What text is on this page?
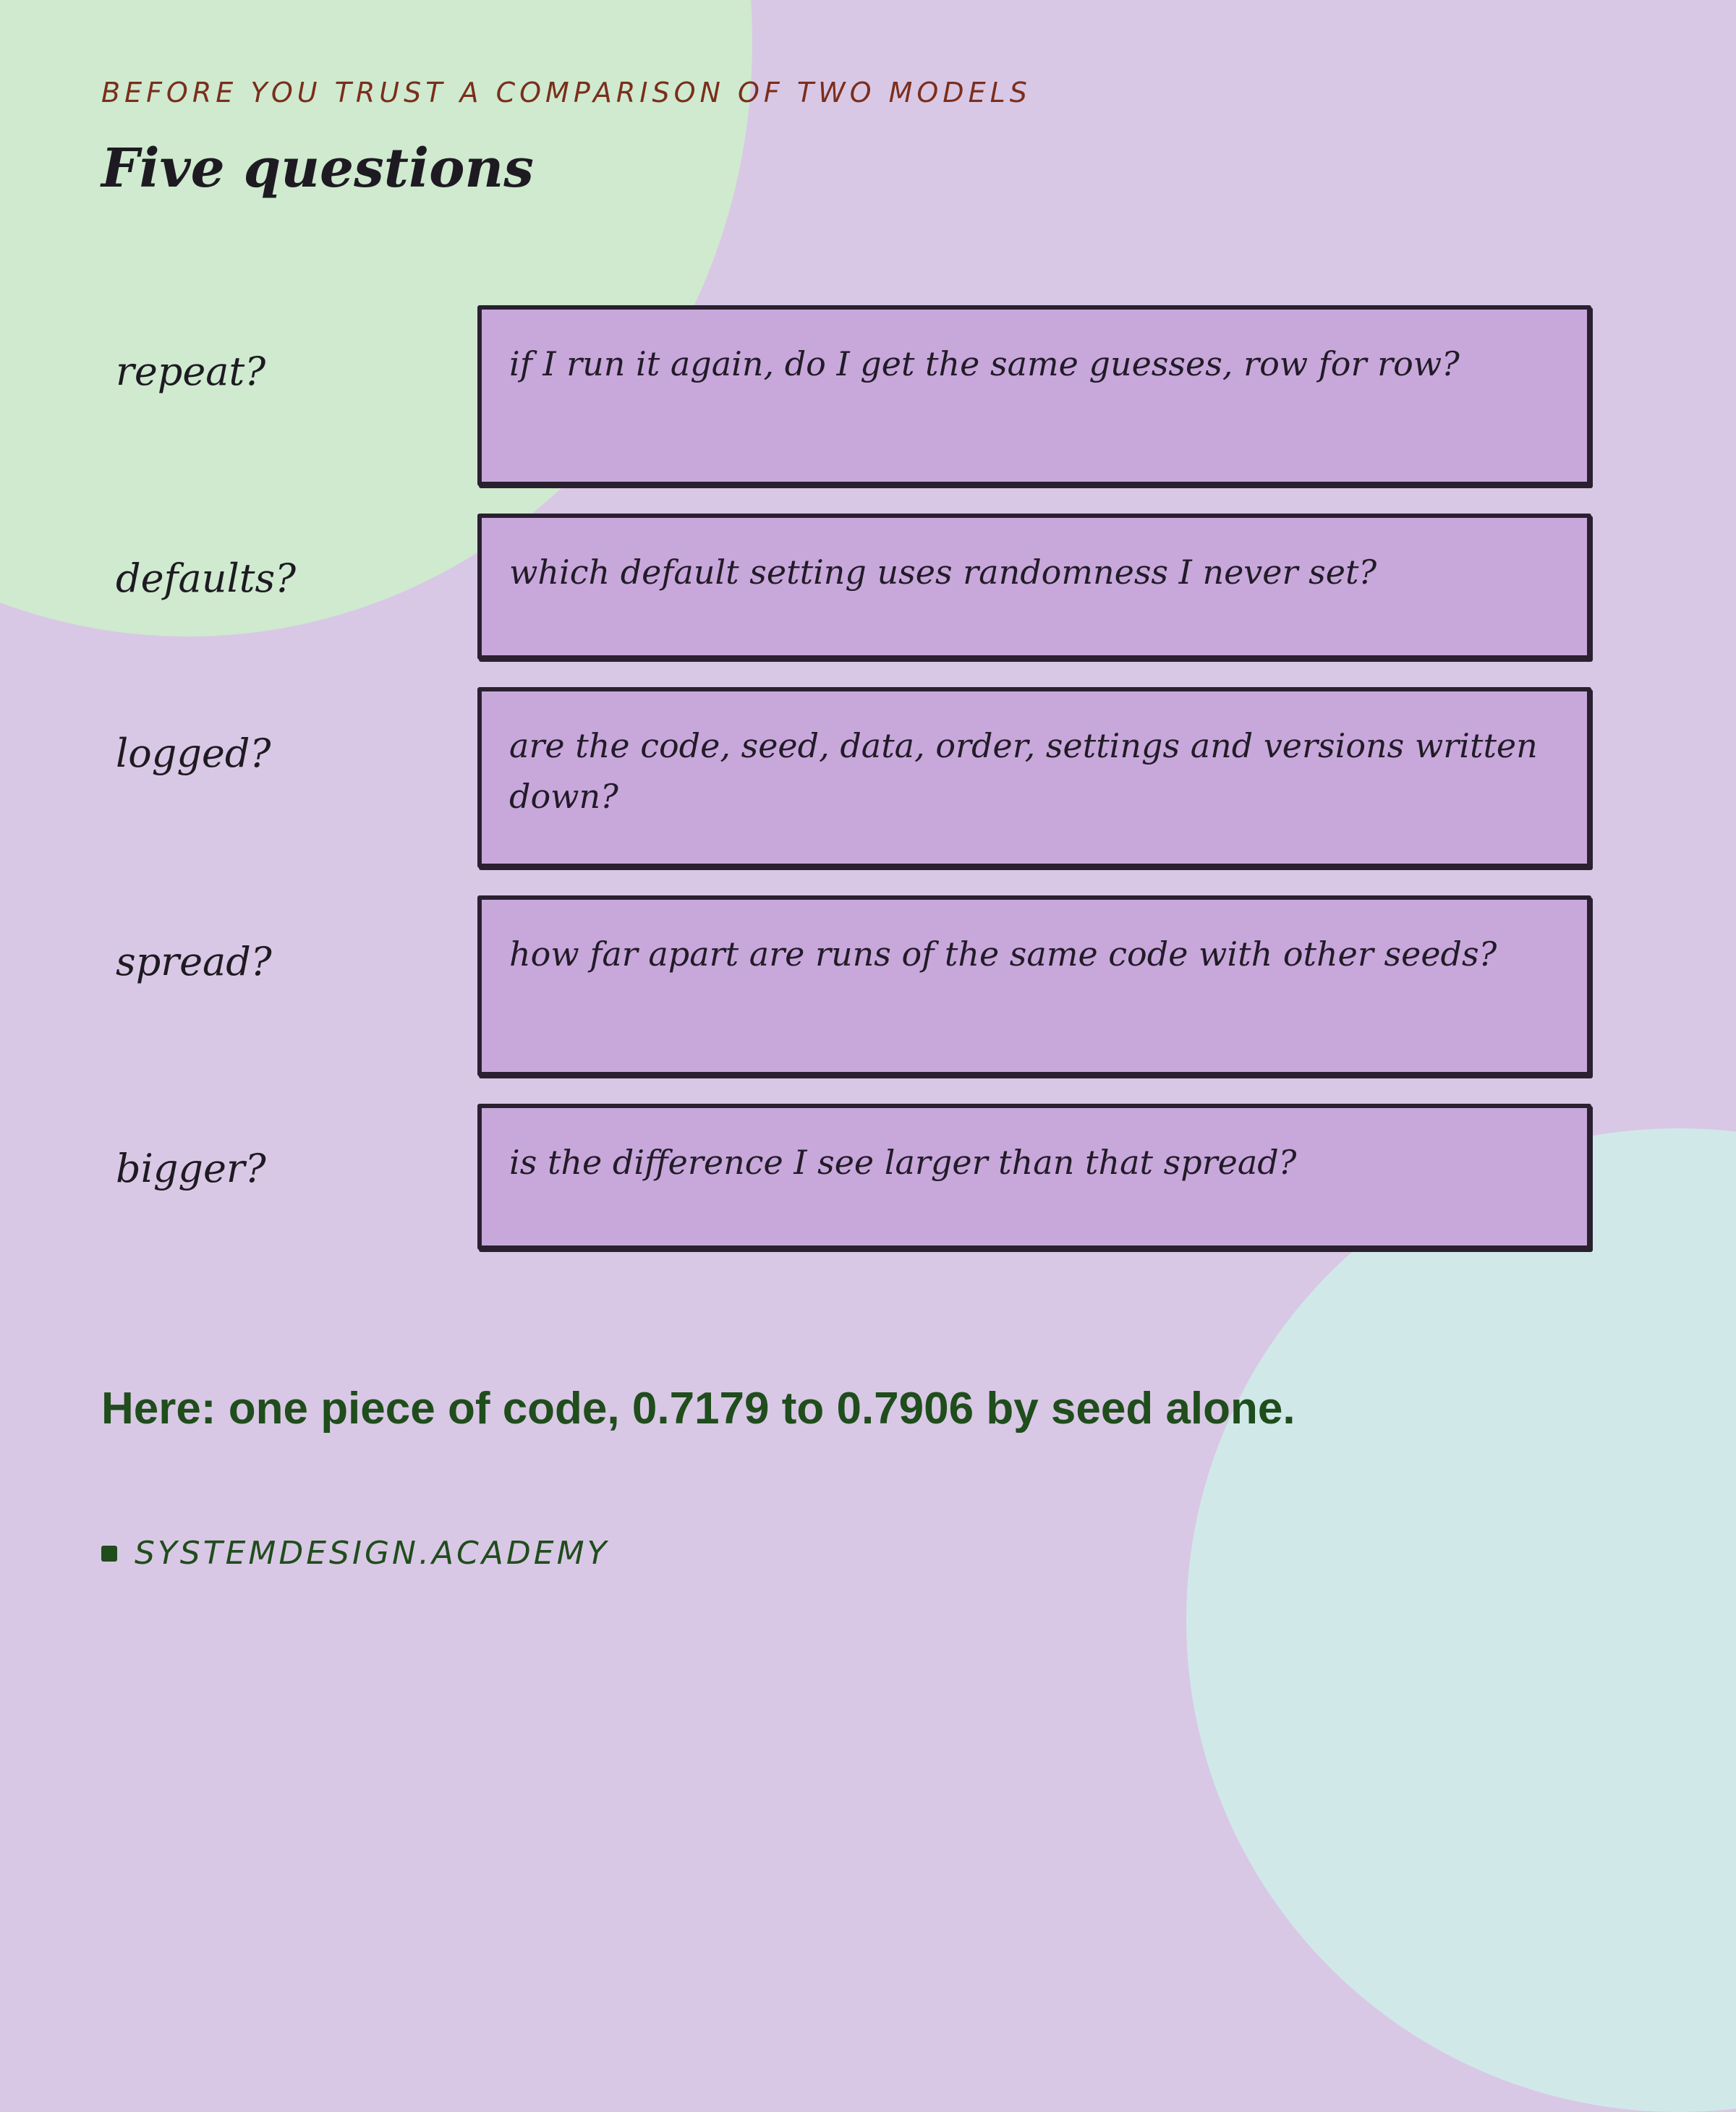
BEFORE YOU TRUST A COMPARISON OF TWO MODELS
Five questions
repeat?	if I run it again, do I get the same guesses, row for row?
defaults?	which default setting uses randomness I never set?
logged?	are the code, seed, data, order, settings and versions written down?
spread?	how far apart are runs of the same code with other seeds?
bigger?	is the difference I see larger than that spread?
Here: one piece of code, 0.7179 to 0.7906 by seed alone.
SYSTEMDESIGN.ACADEMY
